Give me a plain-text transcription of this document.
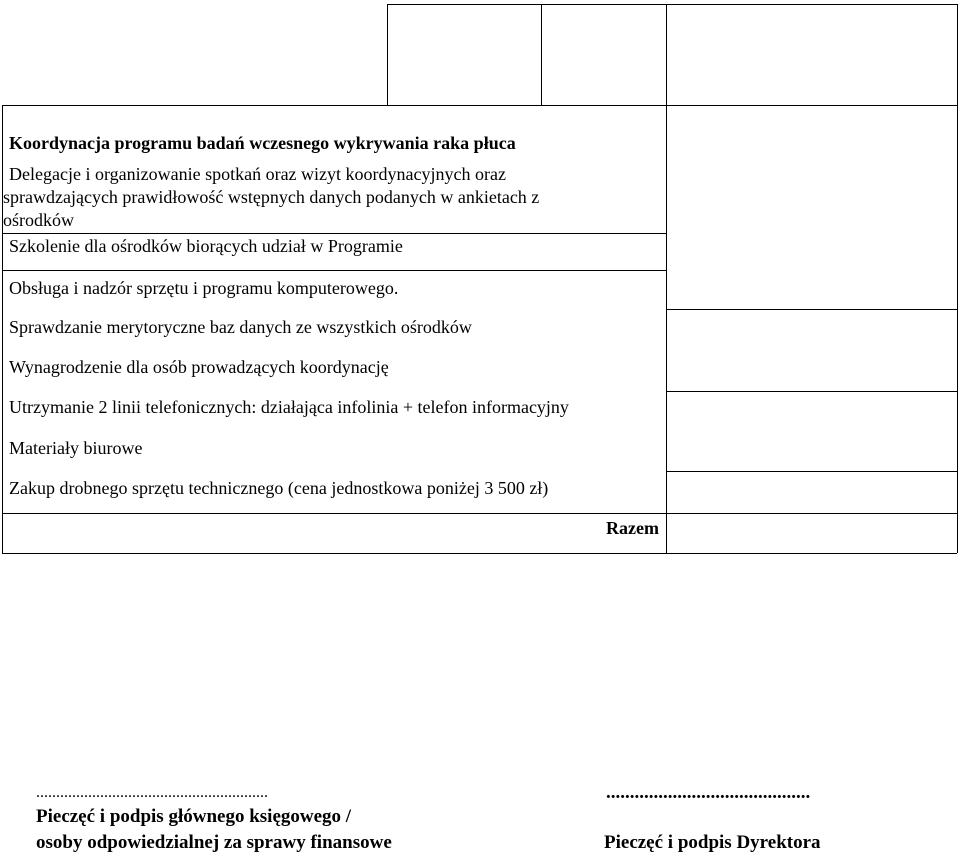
Koordynacja programu badań wczesnego wykrywania raka płuca
Delegacje i organizowanie spotkań oraz wizyt koordynacyjnych oraz
sprawdzających prawidłowość wstępnych danych podanych w ankietach z
ośrodków
Szkolenie dla ośrodków biorących udział w Programie
Obsługa i nadzór sprzętu i programu komputerowego.
Sprawdzanie merytoryczne baz danych ze wszystkich ośrodków
Wynagrodzenie dla osób prowadzących koordynację
Utrzymanie 2 linii telefonicznych: działająca infolinia + telefon informacyjny
Materiały biurowe
Zakup drobnego sprzętu technicznego (cena jednostkowa poniżej 3 500 zł)
Razem
..........................................................
Pieczęć i podpis głównego księgowego /
osoby odpowiedzialnej za sprawy finansowe
...........................................
Pieczęć i podpis Dyrektora
